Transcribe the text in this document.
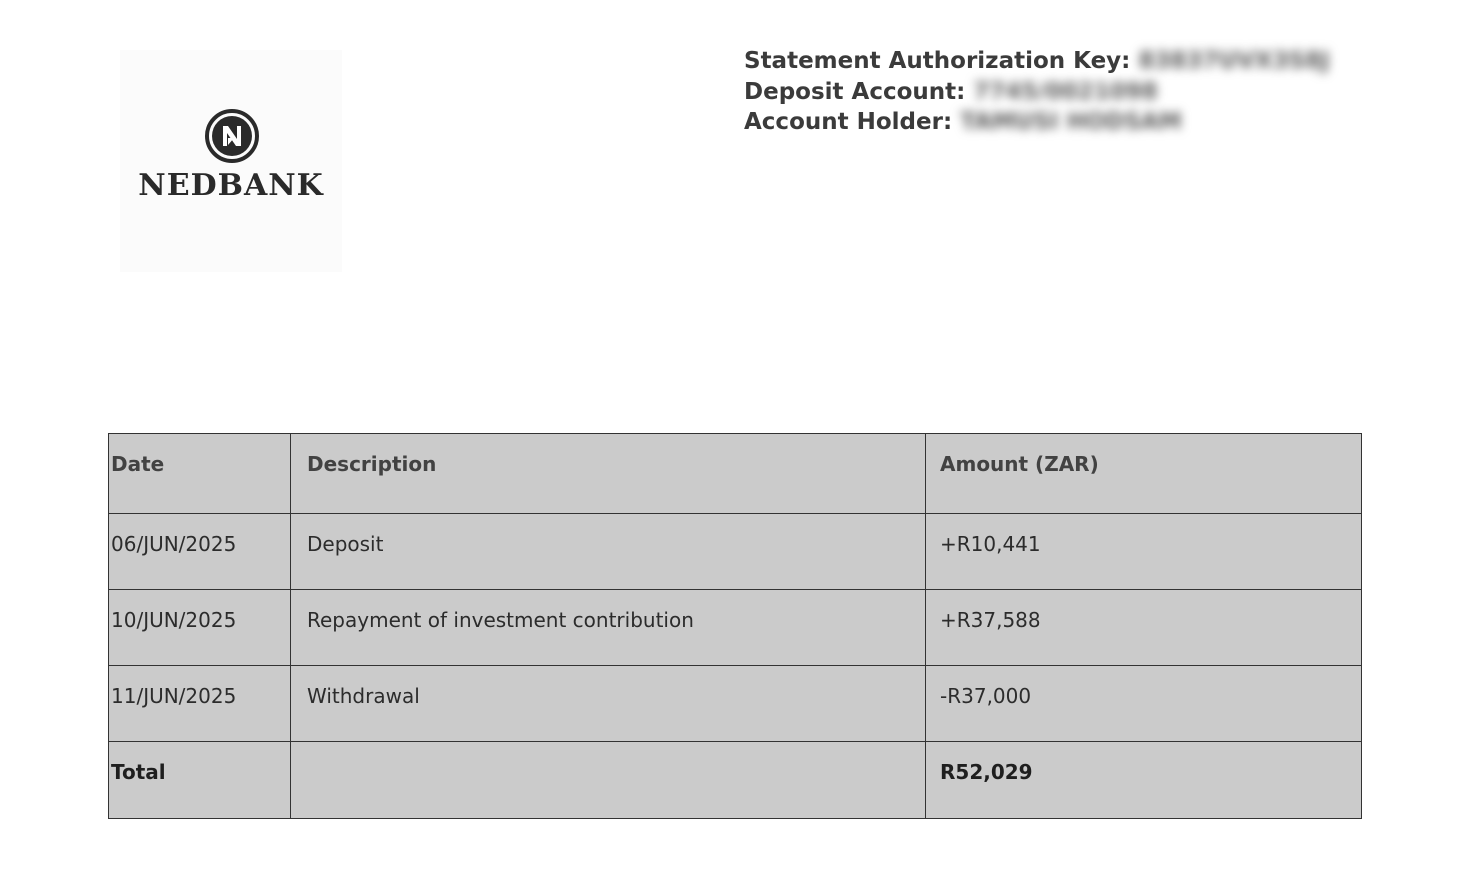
NEDBANK
Statement Authorization Key: 83837UVX3S8J
Deposit Account: 7745/0021098
Account Holder: TAMUSI HODSAM
Date	Description	Amount (ZAR)

06/JUN/2025	Deposit	+R10,441

10/JUN/2025	Repayment of investment contribution	+R37,588

11/JUN/2025	Withdrawal	-R37,000

Total		R52,029
